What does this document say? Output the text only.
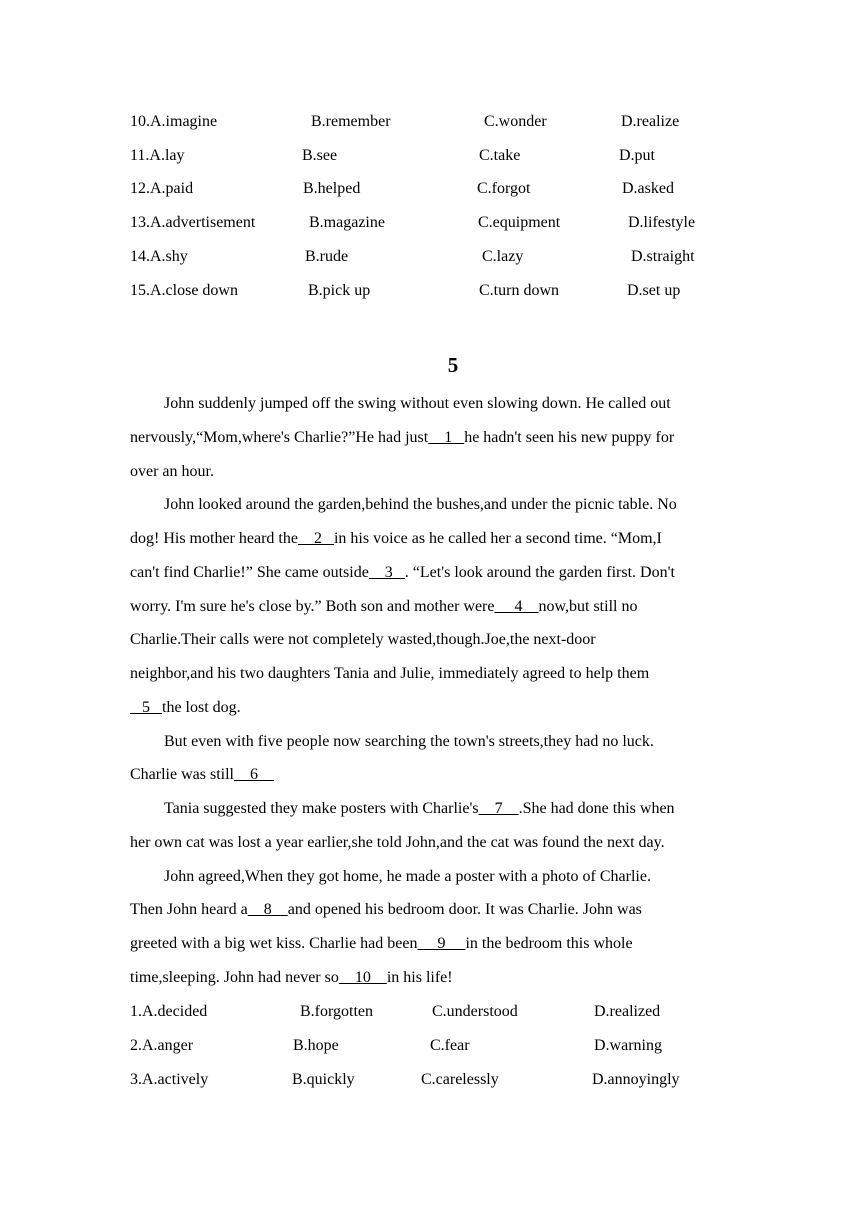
10.A.imagine	B.remember	C.wonder	D.realize
11.A.lay	B.see	C.take	D.put
12.A.paid	B.helped	C.forgot	D.asked
13.A.advertisement	B.magazine	C.equipment	D.lifestyle
14.A.shy	B.rude	C.lazy	D.straight
15.A.close down	B.pick up	C.turn down	D.set up
5
John suddenly jumped off the swing without even slowing down. He called out
nervously,“Mom,where's Charlie?”He had just    1   he hadn't seen his new puppy for
over an hour.
John looked around the garden,behind the bushes,and under the picnic table. No
dog! His mother heard the    2   in his voice as he called her a second time. “Mom,I
can't find Charlie!” She came outside    3   . “Let's look around the garden first. Don't
worry. I'm sure he's close by.” Both son and mother were     4    now,but still no
Charlie.Their calls were not completely wasted,though.Joe,the next-door
neighbor,and his two daughters Tania and Julie, immediately agreed to help them
5   the lost dog.
But even with five people now searching the town's streets,they had no luck.
Charlie was still    6
Tania suggested they make posters with Charlie's    7    .She had done this when
her own cat was lost a year earlier,she told John,and the cat was found the next day.
John agreed,When they got home, he made a poster with a photo of Charlie.
Then John heard a    8    and opened his bedroom door. It was Charlie. John was
greeted with a big wet kiss. Charlie had been     9     in the bedroom this whole
time,sleeping. John had never so    10    in his life!
1.A.decided	B.forgotten	C.understood	D.realized
2.A.anger	B.hope	C.fear	D.warning
3.A.actively	B.quickly	C.carelessly	D.annoyingly
